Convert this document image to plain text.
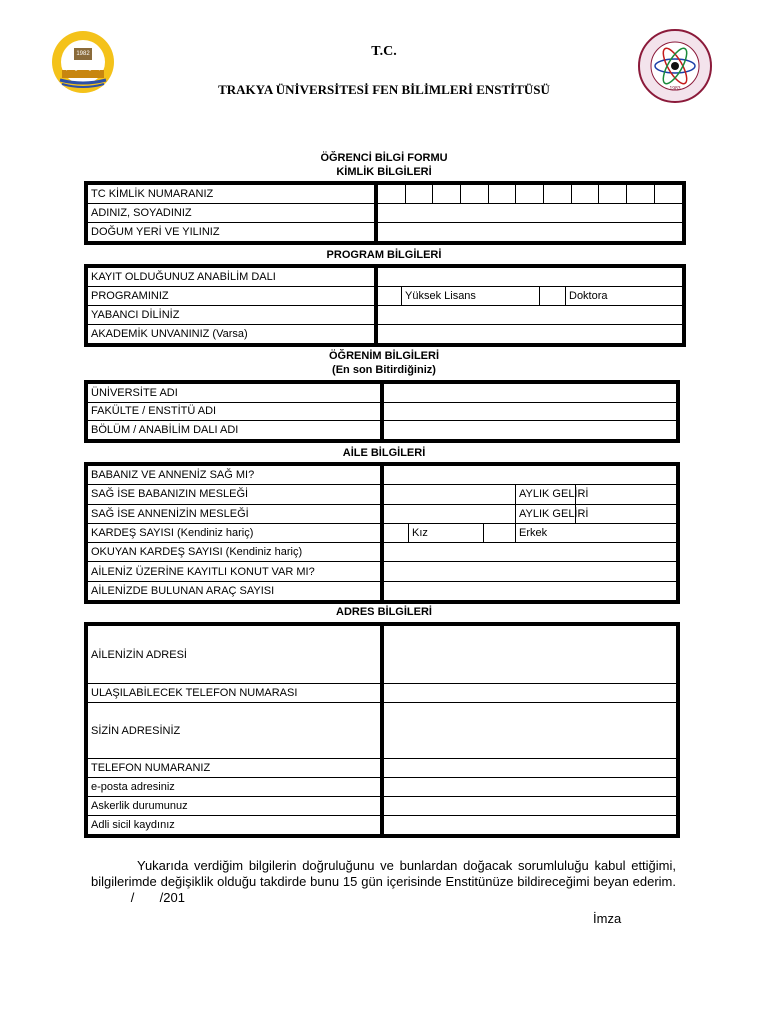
1982
1983
T.C.
TRAKYA ÜNİVERSİTESİ FEN BİLİMLERİ ENSTİTÜSÜ
ÖĞRENCİ BİLGİ FORMU
KİMLİK BİLGİLERİ
TC KİMLİK NUMARANIZ	

ADINIZ, SOYADINIZ	
DOĞUM YERİ VE YILINIZ	
PROGRAM BİLGİLERİ
KAYIT OLDUĞUNUZ ANABİLİM DALI				
PROGRAMINIZ		Yüksek Lisans		Doktora
YABANCI DİLİNİZ				
AKADEMİK UNVANINIZ (Varsa)				
ÖĞRENİM BİLGİLERİ
(En son Bitirdiğiniz)
ÜNİVERSİTE ADI	
FAKÜLTE / ENSTİTÜ ADI	
BÖLÜM / ANABİLİM DALI ADI	
AİLE BİLGİLERİ
BABANIZ VE ANNENİZ SAĞ MI?					
SAĞ İSE BABANIZIN MESLEĞİ				AYLIK GELİRİ	
SAĞ İSE ANNENİZİN MESLEĞİ				AYLIK GELİRİ	
KARDEŞ SAYISI (Kendiniz hariç)		Kız		Erkek	
OKUYAN KARDEŞ SAYISI (Kendiniz hariç)					
AİLENİZ ÜZERİNE KAYITLI KONUT VAR MI?					
AİLENİZDE BULUNAN ARAÇ SAYISI					
ADRES BİLGİLERİ
AİLENİZİN ADRESİ	
ULAŞILABİLECEK TELEFON NUMARASI	
SİZİN ADRESİNİZ	
TELEFON NUMARANIZ	
e-posta adresiniz	
Askerlik durumunuz	
Adli sicil kaydınız	

Yukarıda verdiğim bilgilerin doğruluğunu ve bunlardan doğacak sorumluluğu kabul ettiğimi, bilgilerimde değişiklik olduğu takdirde bunu 15 gün içerisinde Enstitünüze bildireceğimi beyan ederim.            /       /201

İmza
